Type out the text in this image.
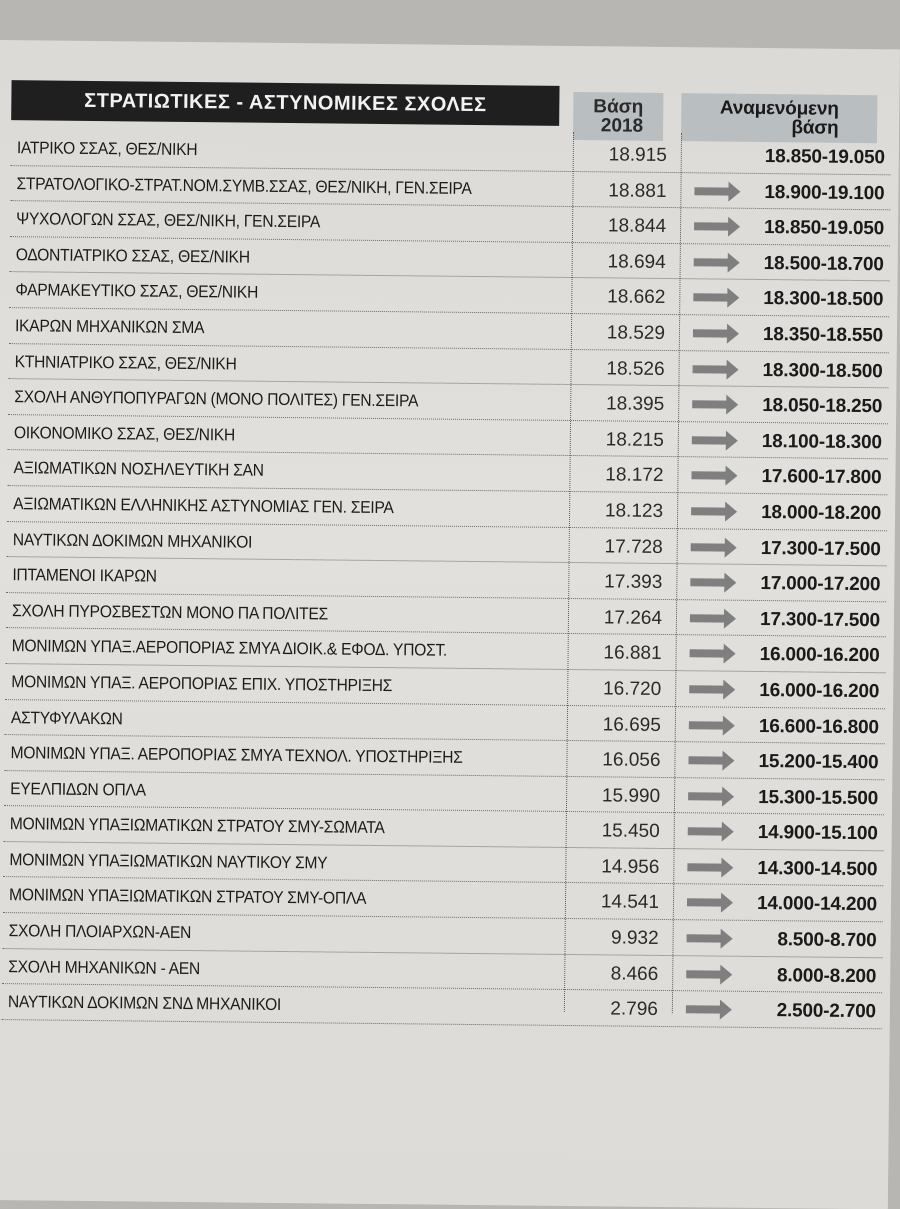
ΣΤΡΑΤΙΩΤΙΚΕΣ - ΑΣΤΥΝΟΜΙΚΕΣ ΣΧΟΛΕΣ	Βάση
2018
Αναμενόμενη
βάση
ΙΑΤΡΙΚΟ ΣΣΑΣ, ΘΕΣ/ΝΙΚΗ	18.915	18.850-19.050
ΣΤΡΑΤΟΛΟΓΙΚΟ-ΣΤΡΑΤ.ΝΟΜ.ΣΥΜΒ.ΣΣΑΣ, ΘΕΣ/ΝΙΚΗ, ΓΕΝ.ΣΕΙΡΑ	18.881	18.900-19.100
ΨΥΧΟΛΟΓΩΝ ΣΣΑΣ, ΘΕΣ/ΝΙΚΗ, ΓΕΝ.ΣΕΙΡΑ	18.844	18.850-19.050
ΟΔΟΝΤΙΑΤΡΙΚΟ ΣΣΑΣ, ΘΕΣ/ΝΙΚΗ	18.694	18.500-18.700
ΦΑΡΜΑΚΕΥΤΙΚΟ ΣΣΑΣ, ΘΕΣ/ΝΙΚΗ	18.662	18.300-18.500
ΙΚΑΡΩΝ ΜΗΧΑΝΙΚΩΝ ΣΜΑ	18.529	18.350-18.550
ΚΤΗΝΙΑΤΡΙΚΟ ΣΣΑΣ, ΘΕΣ/ΝΙΚΗ	18.526	18.300-18.500
ΣΧΟΛΗ ΑΝΘΥΠΟΠΥΡΑΓΩΝ (ΜΟΝΟ ΠΟΛΙΤΕΣ) ΓΕΝ.ΣΕΙΡΑ	18.395	18.050-18.250
ΟΙΚΟΝΟΜΙΚΟ ΣΣΑΣ, ΘΕΣ/ΝΙΚΗ	18.215	18.100-18.300
ΑΞΙΩΜΑΤΙΚΩΝ ΝΟΣΗΛΕΥΤΙΚΗ ΣΑΝ	18.172	17.600-17.800
ΑΞΙΩΜΑΤΙΚΩΝ ΕΛΛΗΝΙΚΗΣ ΑΣΤΥΝΟΜΙΑΣ ΓΕΝ. ΣΕΙΡΑ	18.123	18.000-18.200
ΝΑΥΤΙΚΩΝ ΔΟΚΙΜΩΝ ΜΗΧΑΝΙΚΟΙ	17.728	17.300-17.500
ΙΠΤΑΜΕΝΟΙ ΙΚΑΡΩΝ	17.393	17.000-17.200
ΣΧΟΛΗ ΠΥΡΟΣΒΕΣΤΩΝ ΜΟΝΟ ΠΑ ΠΟΛΙΤΕΣ	17.264	17.300-17.500
ΜΟΝΙΜΩΝ ΥΠΑΞ.ΑΕΡΟΠΟΡΙΑΣ ΣΜΥΑ ΔΙΟΙΚ.& ΕΦΟΔ. ΥΠΟΣΤ.	16.881	16.000-16.200
ΜΟΝΙΜΩΝ ΥΠΑΞ. ΑΕΡΟΠΟΡΙΑΣ ΕΠΙΧ. ΥΠΟΣΤΗΡΙΞΗΣ	16.720	16.000-16.200
ΑΣΤΥΦΥΛΑΚΩΝ	16.695	16.600-16.800
ΜΟΝΙΜΩΝ ΥΠΑΞ. ΑΕΡΟΠΟΡΙΑΣ ΣΜΥΑ ΤΕΧΝΟΛ. ΥΠΟΣΤΗΡΙΞΗΣ	16.056	15.200-15.400
ΕΥΕΛΠΙΔΩΝ ΟΠΛΑ	15.990	15.300-15.500
ΜΟΝΙΜΩΝ ΥΠΑΞΙΩΜΑΤΙΚΩΝ ΣΤΡΑΤΟΥ ΣΜΥ-ΣΩΜΑΤΑ	15.450	14.900-15.100
ΜΟΝΙΜΩΝ ΥΠΑΞΙΩΜΑΤΙΚΩΝ ΝΑΥΤΙΚΟΥ ΣΜΥ	14.956	14.300-14.500
ΜΟΝΙΜΩΝ ΥΠΑΞΙΩΜΑΤΙΚΩΝ ΣΤΡΑΤΟΥ ΣΜΥ-ΟΠΛΑ	14.541	14.000-14.200
ΣΧΟΛΗ ΠΛΟΙΑΡΧΩΝ-ΑΕΝ	9.932	8.500-8.700
ΣΧΟΛΗ ΜΗΧΑΝΙΚΩΝ - ΑΕΝ	8.466	8.000-8.200
ΝΑΥΤΙΚΩΝ ΔΟΚΙΜΩΝ ΣΝΔ ΜΗΧΑΝΙΚΟΙ	2.796	2.500-2.700
